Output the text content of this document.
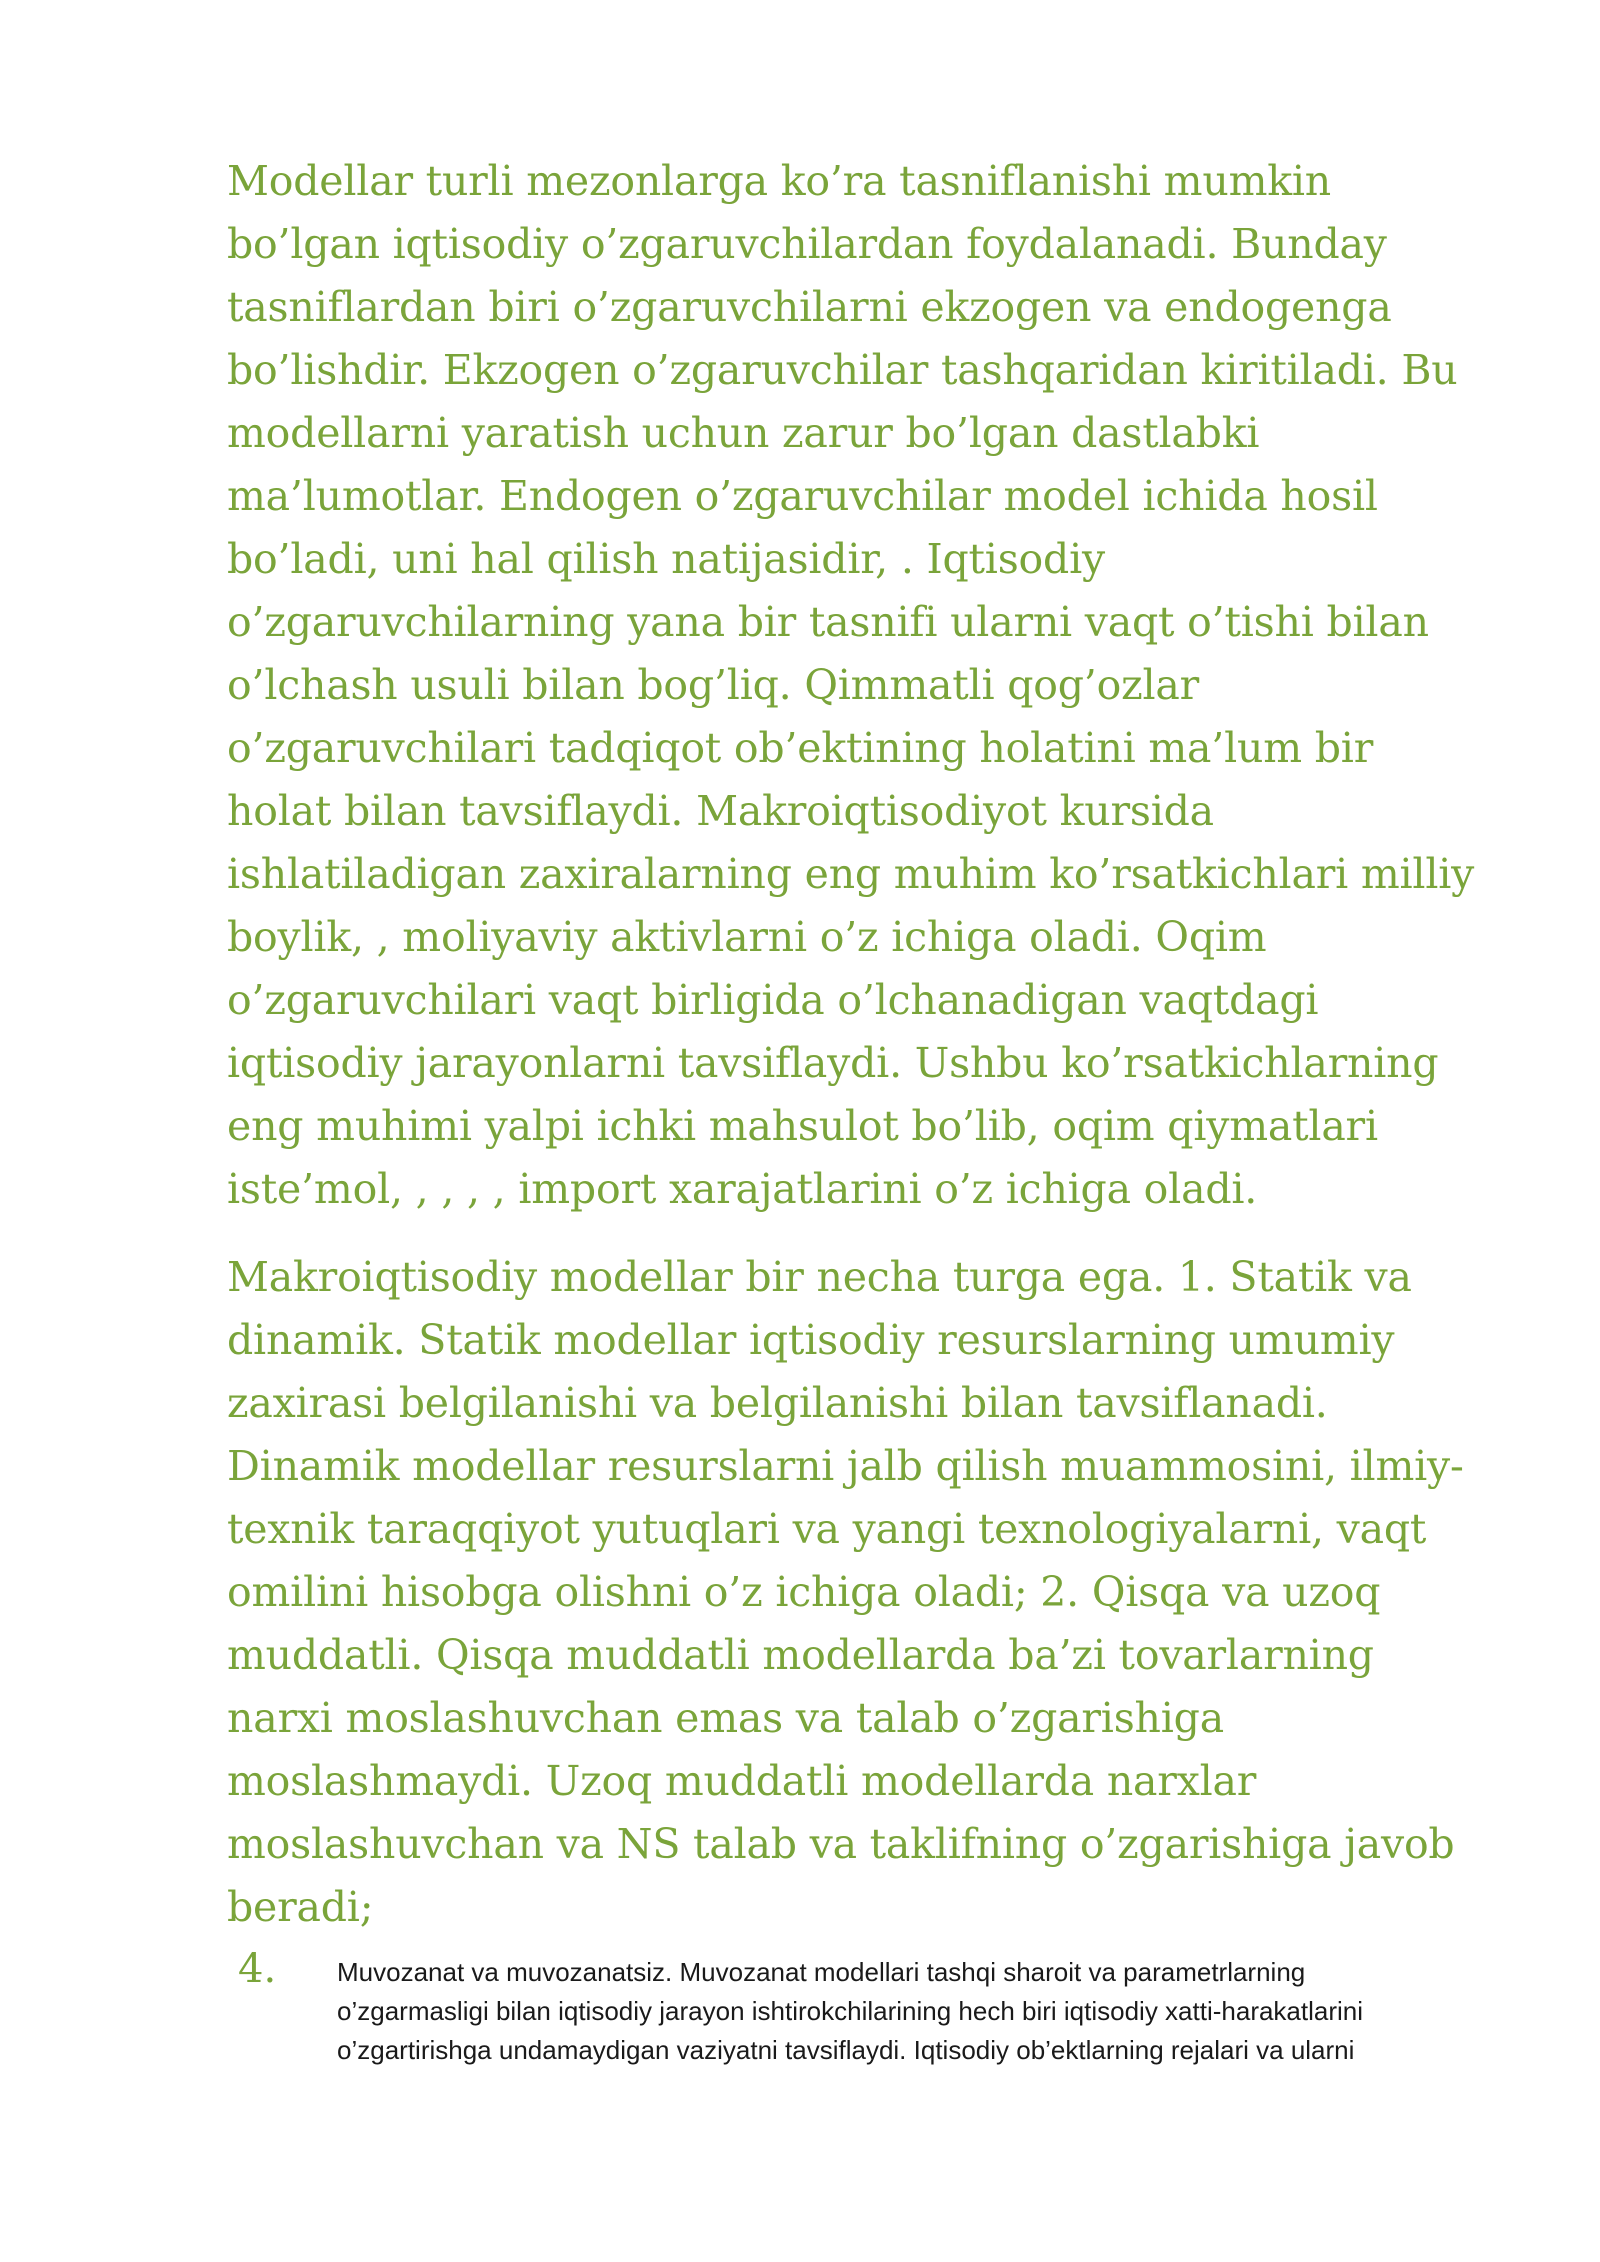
Modellar turli mezonlarga ko’ra tasniflanishi mumkin
bo’lgan iqtisodiy o’zgaruvchilardan foydalanadi. Bunday
tasniflardan biri o’zgaruvchilarni ekzogen va endogenga
bo’lishdir. Ekzogen o’zgaruvchilar tashqaridan kiritiladi. Bu
modellarni yaratish uchun zarur bo’lgan dastlabki
ma’lumotlar. Endogen o’zgaruvchilar model ichida hosil
bo’ladi, uni hal qilish natijasidir, . Iqtisodiy
o’zgaruvchilarning yana bir tasnifi ularni vaqt o’tishi bilan
o’lchash usuli bilan bog’liq. Qimmatli qog’ozlar
o’zgaruvchilari tadqiqot ob’ektining holatini ma’lum bir
holat bilan tavsiflaydi. Makroiqtisodiyot kursida
ishlatiladigan zaxiralarning eng muhim ko’rsatkichlari milliy
boylik, , moliyaviy aktivlarni o’z ichiga oladi. Oqim
o’zgaruvchilari vaqt birligida o’lchanadigan vaqtdagi
iqtisodiy jarayonlarni tavsiflaydi. Ushbu ko’rsatkichlarning
eng muhimi yalpi ichki mahsulot bo’lib, oqim qiymatlari
iste’mol, , , , , import xarajatlarini o’z ichiga oladi.

Makroiqtisodiy modellar bir necha turga ega. 1. Statik va
dinamik. Statik modellar iqtisodiy resurslarning umumiy
zaxirasi belgilanishi va belgilanishi bilan tavsiflanadi.
Dinamik modellar resurslarni jalb qilish muammosini, ilmiy-
texnik taraqqiyot yutuqlari va yangi texnologiyalarni, vaqt
omilini hisobga olishni o’z ichiga oladi; 2. Qisqa va uzoq
muddatli. Qisqa muddatli modellarda ba’zi tovarlarning
narxi moslashuvchan emas va talab o’zgarishiga
moslashmaydi. Uzoq muddatli modellarda narxlar
moslashuvchan va NS talab va taklifning o’zgarishiga javob
beradi;

4. Muvozanat va muvozanatsiz. Muvozanat modellari tashqi sharoit va parametrlarning
o’zgarmasligi bilan iqtisodiy jarayon ishtirokchilarining hech biri iqtisodiy xatti-harakatlarini
o’zgartirishga undamaydigan vaziyatni tavsiflaydi. Iqtisodiy ob’ektlarning rejalari va ularni
